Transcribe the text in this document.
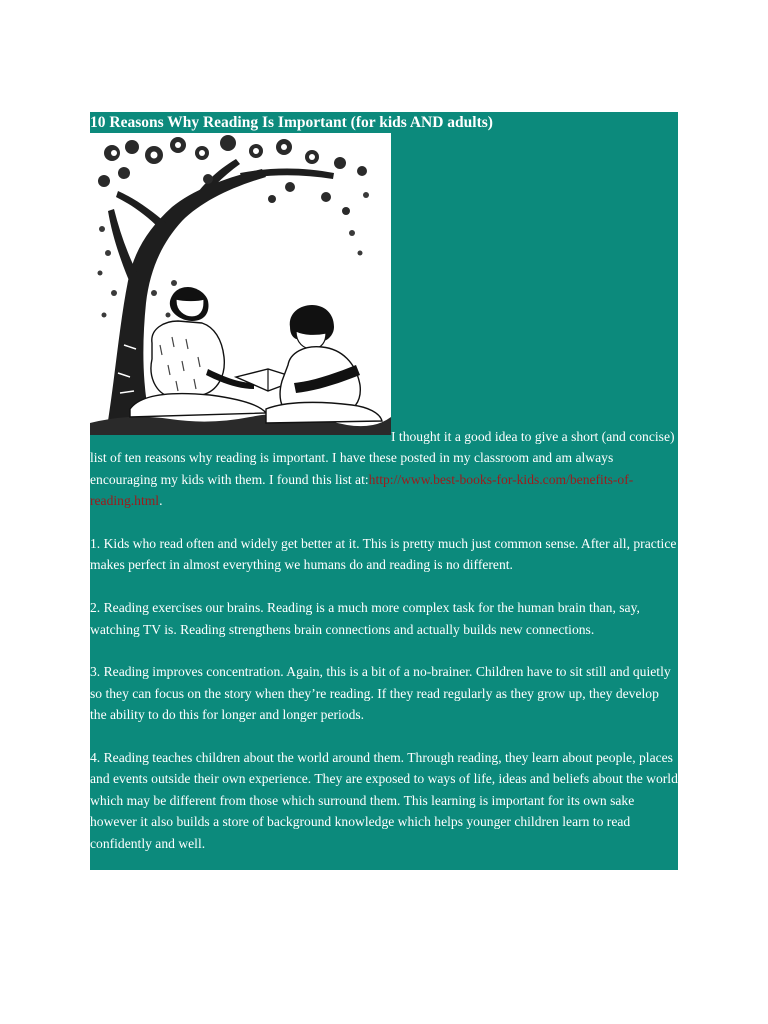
10 Reasons Why Reading Is Important (for kids AND adults)

I thought it a good idea to give a short (and concise) list of ten reasons why reading is important. I have these posted in my classroom and am always encouraging my kids with them. I found this list at:http://www.best-books-for-kids.com/benefits-of-reading.html.

1. Kids who read often and widely get better at it. This is pretty much just common sense. After all, practice makes perfect in almost everything we humans do and reading is no different.

2. Reading exercises our brains. Reading is a much more complex task for the human brain than, say, watching TV is. Reading strengthens brain connections and actually builds new connections.

3. Reading improves concentration. Again, this is a bit of a no-brainer. Children have to sit still and quietly so they can focus on the story when they’re reading. If they read regularly as they grow up, they develop the ability to do this for longer and longer periods.

4. Reading teaches children about the world around them. Through reading, they learn about people, places and events outside their own experience. They are exposed to ways of life, ideas and beliefs about the world which may be different from those which surround them. This learning is important for its own sake however it also builds a store of background knowledge which helps younger children learn to read confidently and well.
